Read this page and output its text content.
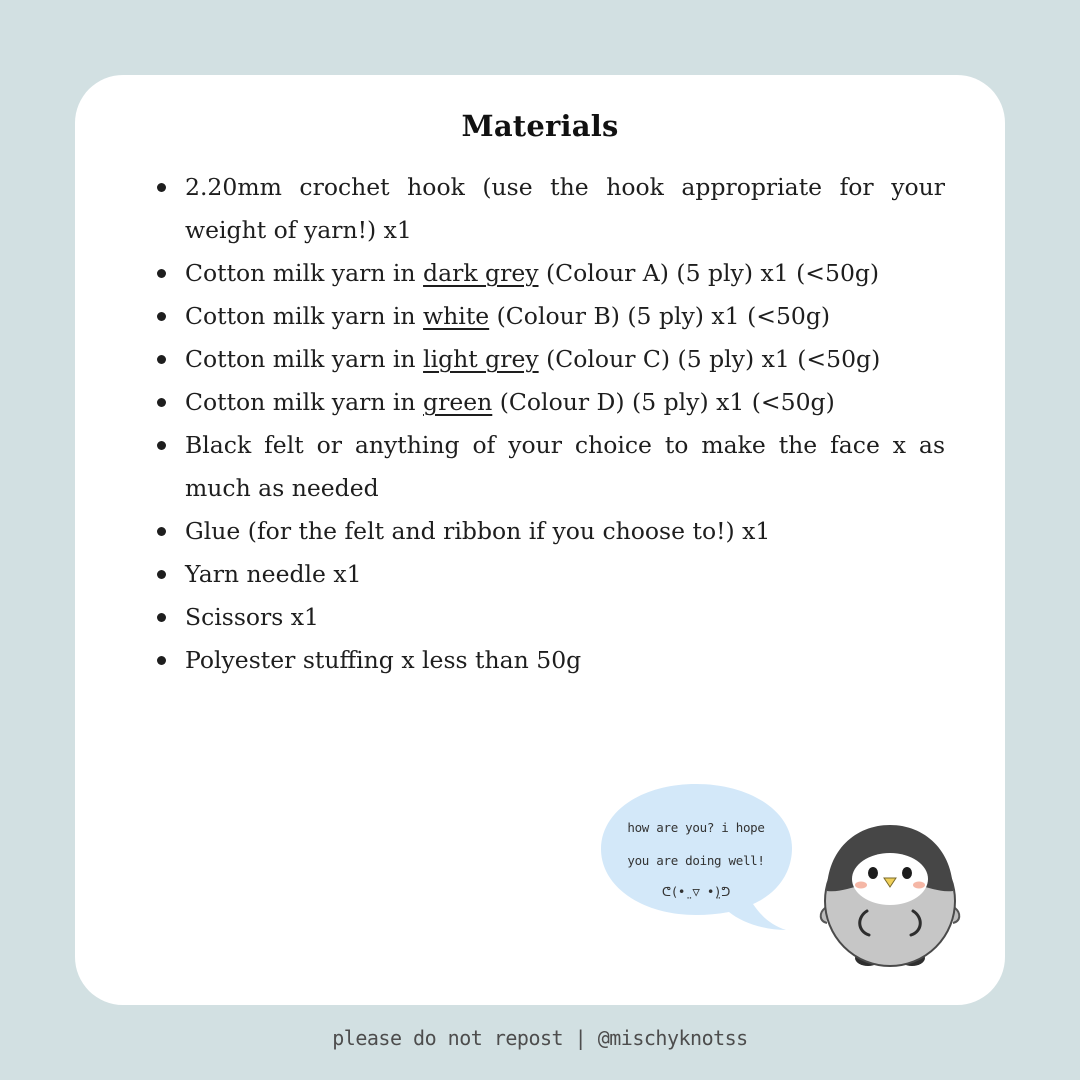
Materials
2.20mm crochet hook (use the hook appropriate for your weight of yarn!) x1
Cotton milk yarn in dark grey (Colour A) (5 ply) x1 (<50g)
Cotton milk yarn in white (Colour B) (5 ply) x1 (<50g)
Cotton milk yarn in light grey (Colour C) (5 ply) x1 (<50g)
Cotton milk yarn in green (Colour D) (5 ply) x1 (<50g)
Black felt or anything of your choice to make the face x as much as needed
Glue (for the felt and ribbon if you choose to!) x1
Yarn needle x1
Scissors x1
Polyester stuffing x less than 50g
how are you? i hope
you are doing well!
ᕦ(•̤ ▽ •̤)ᕤ
please do not repost | @mischyknotss
